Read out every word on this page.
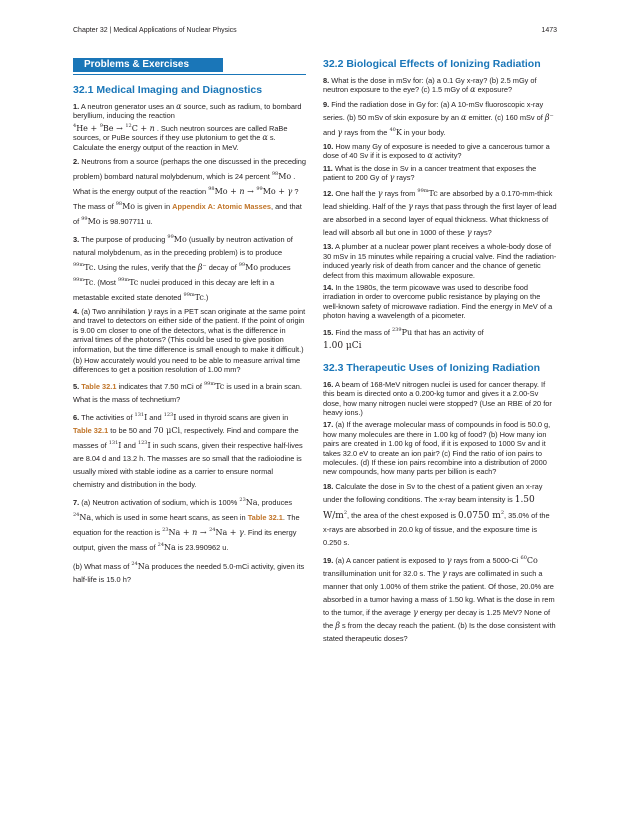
Chapter 32 | Medical Applications of Nuclear Physics	1473
Problems & Exercises
32.1 Medical Imaging and Diagnostics
1. A neutron generator uses an α source, such as radium, to bombard beryllium, inducing the reaction
$^4$He + $^9$Be → $^{12}$C + n . Such neutron sources are called RaBe sources, or PuBe sources if they use plutonium to get the α s. Calculate the energy output of the reaction in MeV.
2. Neutrons from a source (perhaps the one discussed in the preceding problem) bombard natural molybdenum, which is 24 percent $^{98}$Mo . What is the energy output of the reaction $^{98}$Mo + n → $^{99}$Mo + γ ? The mass of $^{98}$Mo is given in Appendix A: Atomic Masses, and that of $^{99}$Mo is 98.907711 u.
3. The purpose of producing $^{99}$Mo (usually by neutron activation of natural molybdenum, as in the preceding problem) is to produce $^{99m}$Tc. Using the rules, verify that the β⁻ decay of $^{99}$Mo produces $^{99m}$Tc. (Most $^{99m}$Tc nuclei produced in this decay are left in a metastable excited state denoted $^{99m}$Tc.)
4. (a) Two annihilation γ rays in a PET scan originate at the same point and travel to detectors on either side of the patient. If the point of origin is 9.00 cm closer to one of the detectors, what is the difference in arrival times of the photons? (This could be used to give position information, but the time difference is small enough to make it difficult.)
(b) How accurately would you need to be able to measure arrival time differences to get a position resolution of 1.00 mm?
5. Table 32.1 indicates that 7.50 mCi of $^{99m}$Tc is used in a brain scan. What is the mass of technetium?
6. The activities of $^{131}$I and $^{123}$I used in thyroid scans are given in Table 32.1 to be 50 and 70 μCi, respectively. Find and compare the masses of $^{131}$I and $^{123}$I in such scans, given their respective half-lives are 8.04 d and 13.2 h. The masses are so small that the radioiodine is usually mixed with stable iodine as a carrier to ensure normal chemistry and distribution in the body.
7. (a) Neutron activation of sodium, which is 100% $^{23}$Na, produces $^{24}$Na, which is used in some heart scans, as seen in Table 32.1. The equation for the reaction is $^{23}$Na + n → $^{24}$Na + γ. Find its energy output, given the mass of $^{24}$Na is 23.990962 u.
(b) What mass of $^{24}$Na produces the needed 5.0-mCi activity, given its half-life is 15.0 h?
32.2 Biological Effects of Ionizing Radiation
8. What is the dose in mSv for: (a) a 0.1 Gy x-ray? (b) 2.5 mGy of neutron exposure to the eye? (c) 1.5 mGy of α exposure?
9. Find the radiation dose in Gy for: (a) A 10-mSv fluoroscopic x-ray series. (b) 50 mSv of skin exposure by an α emitter. (c) 160 mSv of β⁻ and γ rays from the $^{40}$K in your body.
10. How many Gy of exposure is needed to give a cancerous tumor a dose of 40 Sv if it is exposed to α activity?
11. What is the dose in Sv in a cancer treatment that exposes the patient to 200 Gy of γ rays?
12. One half the γ rays from $^{99m}$Tc are absorbed by a 0.170-mm-thick lead shielding. Half of the γ rays that pass through the first layer of lead are absorbed in a second layer of equal thickness. What thickness of lead will absorb all but one in 1000 of these γ rays?
13. A plumber at a nuclear power plant receives a whole-body dose of 30 mSv in 15 minutes while repairing a crucial valve. Find the radiation-induced yearly risk of death from cancer and the chance of genetic defect from this maximum allowable exposure.
14. In the 1980s, the term picowave was used to describe food irradiation in order to overcome public resistance by playing on the well-known safety of microwave radiation. Find the energy in MeV of a photon having a wavelength of a picometer.
15. Find the mass of $^{239}$Pu that has an activity of
1.00 μCi
32.3 Therapeutic Uses of Ionizing Radiation
16. A beam of 168-MeV nitrogen nuclei is used for cancer therapy. If this beam is directed onto a 0.200-kg tumor and gives it a 2.00-Sv dose, how many nitrogen nuclei were stopped? (Use an RBE of 20 for heavy ions.)
17. (a) If the average molecular mass of compounds in food is 50.0 g, how many molecules are there in 1.00 kg of food? (b) How many ion pairs are created in 1.00 kg of food, if it is exposed to 1000 Sv and it takes 32.0 eV to create an ion pair? (c) Find the ratio of ion pairs to molecules. (d) If these ion pairs recombine into a distribution of 2000 new compounds, how many parts per billion is each?
18. Calculate the dose in Sv to the chest of a patient given an x-ray under the following conditions. The x-ray beam intensity is 1.50 $W/m^2$, the area of the chest exposed is 0.0750 $m^2$, 35.0% of the x-rays are absorbed in 20.0 kg of tissue, and the exposure time is 0.250 s.
19. (a) A cancer patient is exposed to γ rays from a 5000-Ci $^{60}$Co transillumination unit for 32.0 s. The γ rays are collimated in such a manner that only 1.00% of them strike the patient. Of those, 20.0% are absorbed in a tumor having a mass of 1.50 kg. What is the dose in rem to the tumor, if the average γ energy per decay is 1.25 MeV? None of the β s from the decay reach the patient. (b) Is the dose consistent with stated therapeutic doses?
